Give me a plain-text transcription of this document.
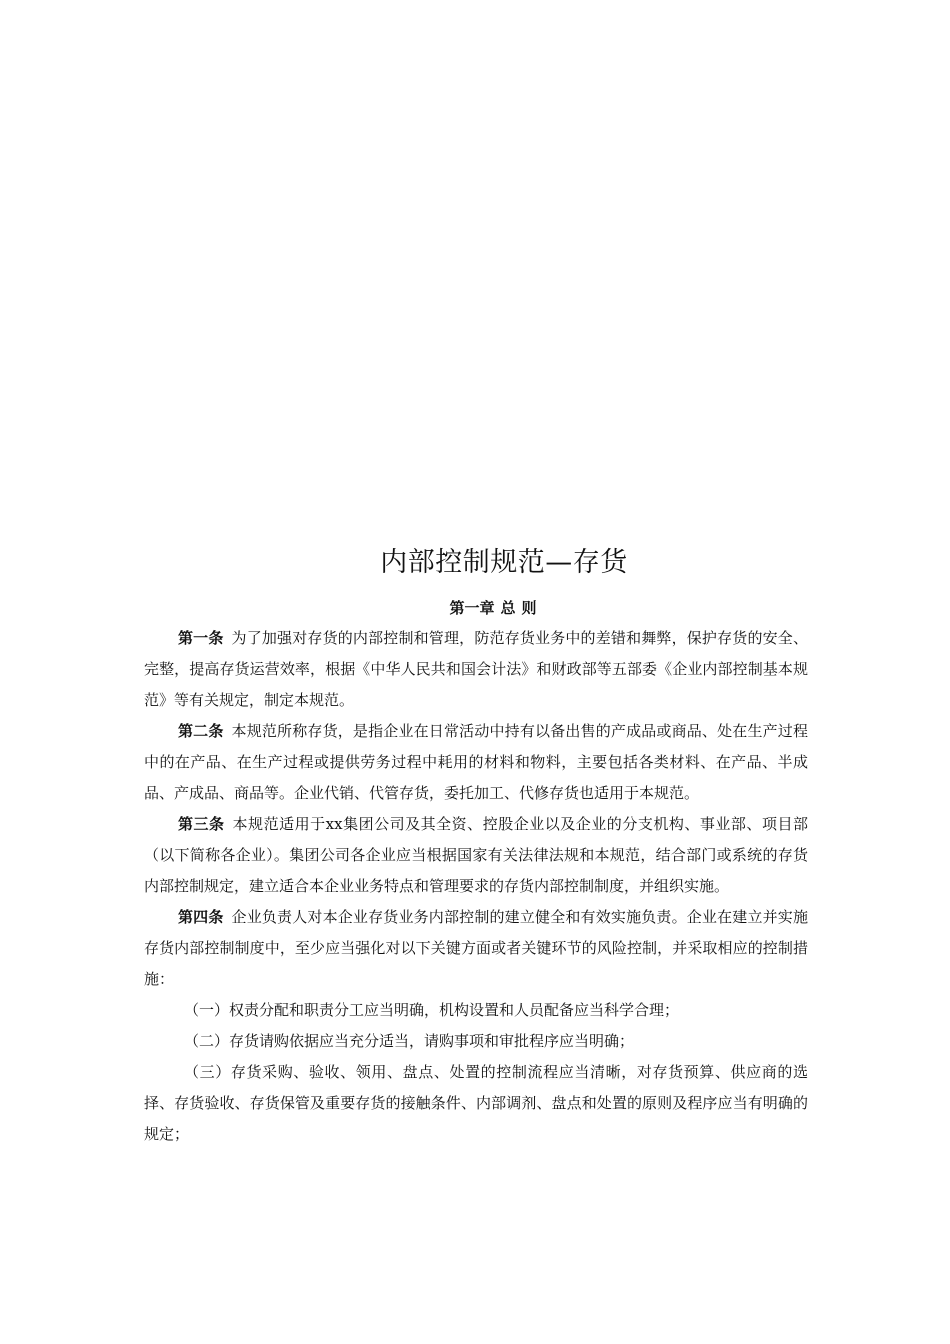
内部控制规范—存货
第一章 总 则

第一条 为了加强对存货的内部控制和管理，防范存货业务中的差错和舞弊，保护存货的安全、完整，提高存货运营效率，根据《中华人民共和国会计法》和财政部等五部委《企业内部控制基本规范》等有关规定，制定本规范。

第二条 本规范所称存货，是指企业在日常活动中持有以备出售的产成品或商品、处在生产过程中的在产品、在生产过程或提供劳务过程中耗用的材料和物料，主要包括各类材料、在产品、半成品、产成品、商品等。企业代销、代管存货，委托加工、代修存货也适用于本规范。

第三条 本规范适用于xx集团公司及其全资、控股企业以及企业的分支机构、事业部、项目部（以下简称各企业）。集团公司各企业应当根据国家有关法律法规和本规范，结合部门或系统的存货内部控制规定，建立适合本企业业务特点和管理要求的存货内部控制制度，并组织实施。

第四条 企业负责人对本企业存货业务内部控制的建立健全和有效实施负责。企业在建立并实施存货内部控制制度中，至少应当强化对以下关键方面或者关键环节的风险控制，并采取相应的控制措施：

（一）权责分配和职责分工应当明确，机构设置和人员配备应当科学合理；

（二）存货请购依据应当充分适当，请购事项和审批程序应当明确；

（三）存货采购、验收、领用、盘点、处置的控制流程应当清晰，对存货预算、供应商的选择、存货验收、存货保管及重要存货的接触条件、内部调剂、盘点和处置的原则及程序应当有明确的规定；
